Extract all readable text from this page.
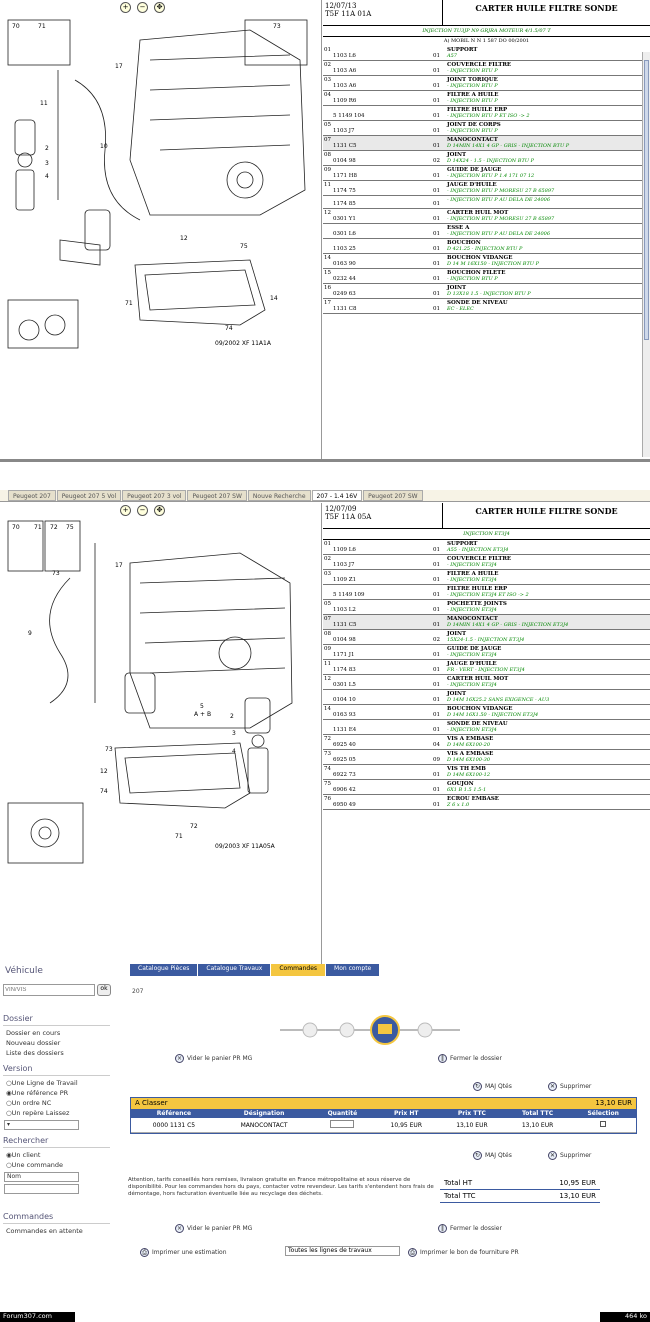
+	−	✥
70	71	73
11
17
10
2
3
4
71
12
75
14
74
09/2002 XF 11A1A
12/07/13
T5F 11A 01A
CARTER HUILE FILTRE SONDE
INJECTION TU3JP N9 GRJRA MOTEUR 4/1.5/07 T
A) MOBIL N N 1 587 DO 00/2001
01
1103 L6	01
SUPPORT
A57
02
1103 A6	01
COUVERCLE FILTRE
- INJECTION BTU P
03
1103 A6	01
JOINT TORIQUE
- INJECTION BTU P
04
1109 R6	01
FILTRE A HUILE
- INJECTION BTU P
5 1149 104	01
FILTRE HUILE ERP
- INJECTION BTU P ET ISO -> 2
05
1103 J7	01
JOINT DE CORPS
- INJECTION BTU P
07
1131 C5	01
MANOCONTACT
D 14MIN 14X1 4 GP - GRIS - INJECTION BTU P
08
0104 98	02
JOINT
D 14X24 - 1.5 - INJECTION BTU P
09
1171 H8	01
GUIDE DE JAUGE
- INJECTION BTU P 1.4 171 07 12
11
1174 75	01
JAUGE D'HUILE
- INJECTION BTU P MORESU 27 B 65897
1174 85	01
- INJECTION BTU P AU DELA DE 24006
12
0301 Y1	01
CARTER HUIL MOT
- INJECTION BTU P MORESU 27 B 65897
0301 L6	01
ESSE A
- INJECTION BTU P AU DELA DE 24006
1103 25	01
BOUCHON
D 421.25 - INJECTION BTU P
14
0163 90	01
BOUCHON VIDANGE
D 14 M 16X150 - INJECTION BTU P
15
0232 44	01
BOUCHON FILETE
- INJECTION BTU P
16
0249 63	01
JOINT
D 13X18 1.5 - INJECTION BTU P
17
1131 C8	01
SONDE DE NIVEAU
EC - ELEC
Peugeot 207	Peugeot 207 5 Vol	Peugeot 207 3 vol	Peugeot 207 SW	Nouve Recherche	207 - 1.4 16V	Peugeot 207 SW
+	−	✥
70 71 72 75
73
17
9
5
2
3
4
73
12
74
72
71
A + B
09/2003 XF 11A05A
12/07/09
T5F 11A 05A
CARTER HUILE FILTRE SONDE
INJECTION ET3J4
01
1109 L6	01
SUPPORT
A55 - INJECTION ET3J4
02
1103 J7	01
COUVERCLE FILTRE
- INJECTION ET3J4
03
1109 Z1	01
FILTRE A HUILE
- INJECTION ET3J4
5 1149 109	01
FILTRE HUILE ERP
- INJECTION ET3J4 ET ISO -> 2
05
1103 L2	01
POCHETTE JOINTS
- INJECTION ET3J4
07
1131 C5	01
MANOCONTACT
D 14MIN 14X1 4 GP - GRIS - INJECTION ET3J4
08
0104 98	02
JOINT
15X24-1.5 - INJECTION ET3J4
09
1171 J1	01
GUIDE DE JAUGE
- INJECTION ET3J4
11
1174 83	01
JAUGE D'HUILE
FR - VERT - INJECTION ET3J4
12
0301 L5	01
CARTER HUIL MOT
- INJECTION ET3J4
0104 10	01
JOINT
D 14M 16X25.2 SANS EXIGENCE - AU3
14
0163 93	01
BOUCHON VIDANGE
D 14M 16X1.50 - INJECTION ET3J4
1131 E4	01
SONDE DE NIVEAU
- INJECTION ET3J4
72
6925 40	04
VIS A EMBASE
D 14M 6X100-20
73
6925 05	09
VIS A EMBASE
D 14M 6X100-30
74
6922 73	01
VIS TH EMB
D 14M 6X100-12
75
6906 42	01
GOUJON
6X1 B 1.5 1.5-1
76
6950 49	01
ECROU EMBASE
Z 6 x 1.0
Véhicule	Catalogue Pièces	Catalogue Travaux	Commandes	Mon compte
VIN/VIS
ok	207
Dossier
Dossier en cours
Nouveau dossier
Liste des dossiers
Version
○ Une Ligne de Travail
◉ Une référence PR
○ Un ordre NC
○ Un repère Laissez
▾
Rechercher
◉ Un client
○ Une commande
Nom
Commandes
Commandes en attente
× Vider le panier PR MG	‖	Fermer le dossier
↻ MAJ Qtés	✕ Supprimer
A Classer	13,10 EUR
Référence	Désignation	Quantité	Prix HT	Prix TTC	Total TTC	Sélection
0000 1131 C5	MANOCONTACT		10,95 EUR	13,10 EUR	13,10 EUR	
↻ MAJ Qtés	✕ Supprimer
Attention, tarifs conseillés hors remises, livraison gratuite en France métropolitaine et sous réserve de disponibilité. Pour les commandes hors du pays, contacter votre revendeur. Les tarifs s'entendent hors frais de démontage, hors facturation éventuelle liée au recyclage des déchets.
Total HT	10,95 EUR
Total TTC	13,10 EUR
× Vider le panier PR MG	‖	Fermer le dossier
⎙ Imprimer une estimation	Toutes les lignes de travaux	⎙ Imprimer le bon de fourniture PR
Forum307.com	464 ko
